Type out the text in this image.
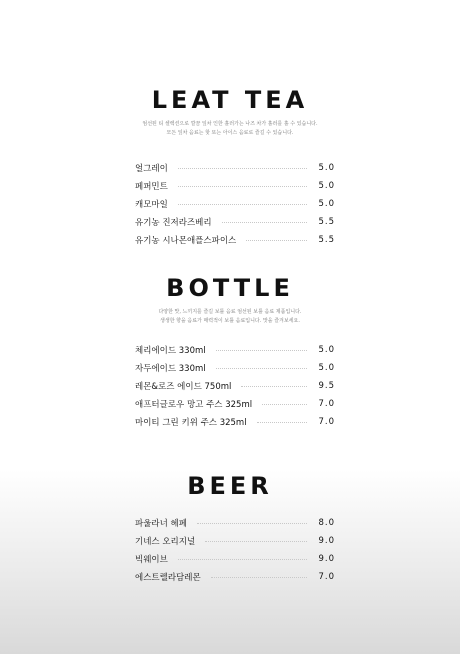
LEAT TEA

엄선된 티 셀렉션으로 깔끔 잎차 인한 흘러가는 나즈 차가 흘러를 흘 수 있습니다.
모든 잎차 음료는 핫 또는 아이스 음료로 즐길 수 있습니다.

얼그레이	5.0
페퍼민트	5.0
캐모마일	5.0
유기농 진저라즈베리	5.5
유기농 시나몬애플스파이스	5.5
BOTTLE

다양한 맛, 느끼지를 즐길 보틀 음료 엄선된 보틀 음료 제품입니다.
생생한 향을 음료가 매력적이 보틀 음료입니다. 맛을 즐겨보세요.

체리에이드 330ml	5.0
자두에이드 330ml	5.0
레몬&로즈 에이드 750ml	9.5
애프터글로우 망고 주스 325ml	7.0
마이티 그린 키위 주스 325ml	7.0
BEER
파울라너 헤페	8.0
기네스 오리지널	9.0
빅웨이브	9.0
에스트렐라담레몬	7.0
